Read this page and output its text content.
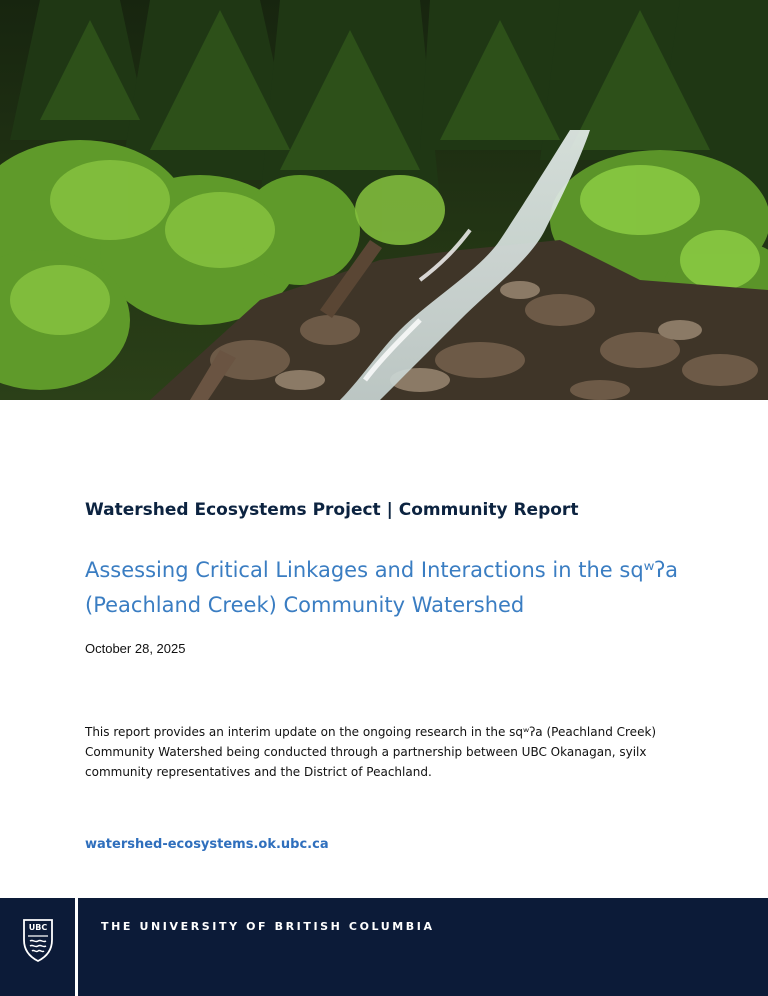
Watershed Ecosystems Project | Community Report
Assessing Critical Linkages and Interactions in the sqʷʔa (Peachland Creek) Community Watershed

October 28, 2025

This report provides an interim update on the ongoing research in the sqʷʔa (Peachland Creek) Community Watershed being conducted through a partnership between UBC Okanagan, syilx community representatives and the District of Peachland.

watershed-ecosystems.ok.ubc.ca
UBC	THE UNIVERSITY OF BRITISH COLUMBIA
